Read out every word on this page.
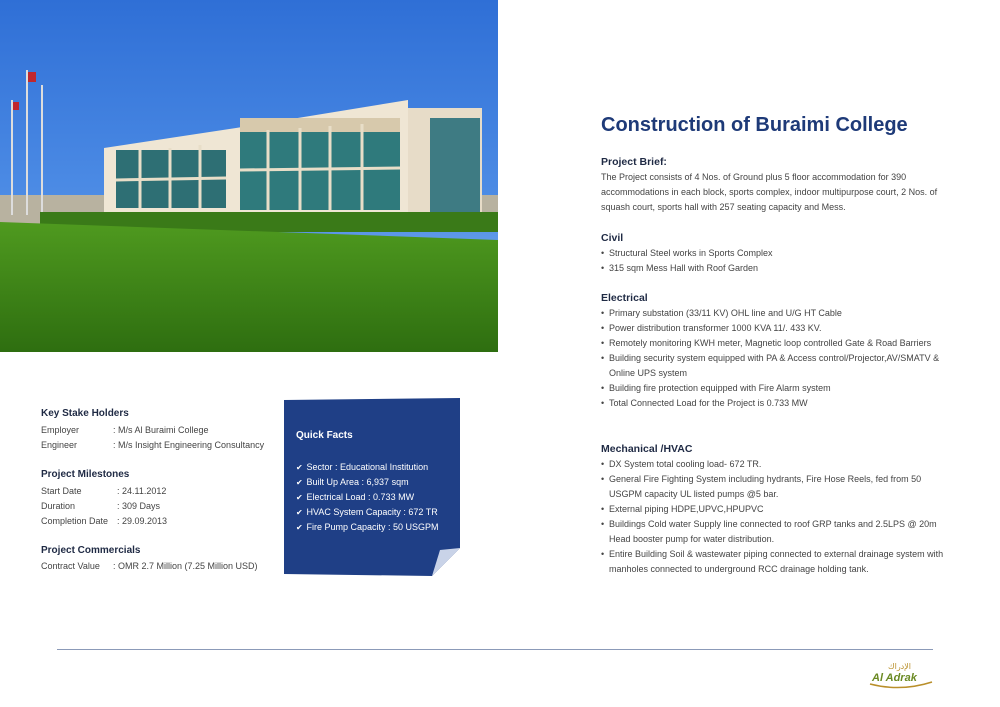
Construction of Buraimi College
Project Brief:

The Project consists of 4 Nos. of Ground plus 5 floor accommodation for 390 accommodations in each block, sports complex, indoor multipurpose court, 2 Nos. of squash court, sports hall with 257 seating capacity and Mess.

Civil
• Structural Steel works in Sports Complex
• 315 sqm Mess Hall with Roof Garden
Electrical
• Primary substation (33/11 KV) OHL line and U/G HT Cable
• Power distribution transformer 1000 KVA 11/. 433 KV.
• Remotely monitoring KWH meter, Magnetic loop controlled Gate & Road Barriers
• Building security system equipped with PA & Access control/Projector,AV/SMATV & Online UPS system
• Building fire protection equipped with Fire Alarm system
• Total Connected Load for the Project is 0.733 MW
Mechanical /HVAC
• DX System total cooling load- 672 TR.
• General Fire Fighting System including hydrants, Fire Hose Reels, fed from 50 USGPM capacity UL listed pumps @5 bar.
• External piping HDPE,UPVC,HPUPVC
• Buildings Cold water Supply line connected to roof GRP tanks and 2.5LPS @ 20m Head booster pump for water distribution.
• Entire Building Soil & wastewater piping connected to external drainage system with manholes connected to underground RCC drainage holding tank.
Key Stake Holders
Employer	: M/s Al Buraimi College
Engineer	: M/s Insight Engineering Consultancy
Project Milestones
Start Date	: 24.11.2012
Duration	: 309 Days
Completion Date : 29.09.2013
Project Commercials
Contract Value : OMR 2.7 Million (7.25 Million USD)
Quick Facts
✔ Sector : Educational Institution
✔ Built Up Area : 6,937 sqm
✔ Electrical Load : 0.733 MW
✔ HVAC System Capacity : 672 TR
✔ Fire Pump Capacity : 50 USGPM
الإدراك
Al Adrak
